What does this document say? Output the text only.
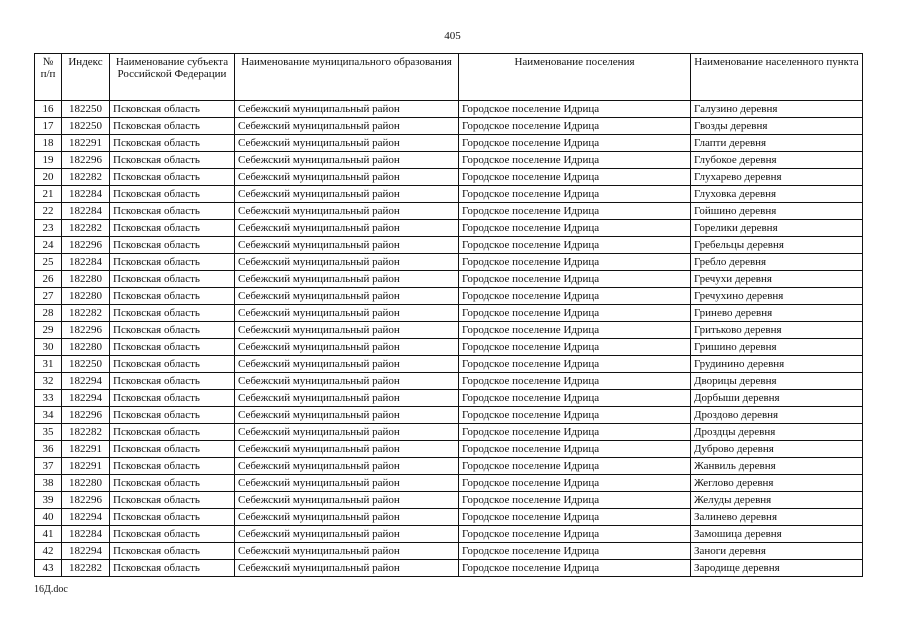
405
№ п/п	Индекс	Наименование субъекта Российской Федерации	Наименование муниципального образования	Наименование поселения	Наименование населенного пункта
16	182250	Псковская область	Себежский муниципальный район	Городское поселение Идрица	Галузино деревня
17	182250	Псковская область	Себежский муниципальный район	Городское поселение Идрица	Гвозды деревня
18	182291	Псковская область	Себежский муниципальный район	Городское поселение Идрица	Глапти деревня
19	182296	Псковская область	Себежский муниципальный район	Городское поселение Идрица	Глубокое деревня
20	182282	Псковская область	Себежский муниципальный район	Городское поселение Идрица	Глухарево деревня
21	182284	Псковская область	Себежский муниципальный район	Городское поселение Идрица	Глуховка деревня
22	182284	Псковская область	Себежский муниципальный район	Городское поселение Идрица	Гойшино деревня
23	182282	Псковская область	Себежский муниципальный район	Городское поселение Идрица	Горелики деревня
24	182296	Псковская область	Себежский муниципальный район	Городское поселение Идрица	Гребельцы деревня
25	182284	Псковская область	Себежский муниципальный район	Городское поселение Идрица	Гребло деревня
26	182280	Псковская область	Себежский муниципальный район	Городское поселение Идрица	Гречухи деревня
27	182280	Псковская область	Себежский муниципальный район	Городское поселение Идрица	Гречухино деревня
28	182282	Псковская область	Себежский муниципальный район	Городское поселение Идрица	Гринево деревня
29	182296	Псковская область	Себежский муниципальный район	Городское поселение Идрица	Гритьково деревня
30	182280	Псковская область	Себежский муниципальный район	Городское поселение Идрица	Гришино деревня
31	182250	Псковская область	Себежский муниципальный район	Городское поселение Идрица	Грудинино деревня
32	182294	Псковская область	Себежский муниципальный район	Городское поселение Идрица	Дворицы деревня
33	182294	Псковская область	Себежский муниципальный район	Городское поселение Идрица	Дорбыши деревня
34	182296	Псковская область	Себежский муниципальный район	Городское поселение Идрица	Дроздово деревня
35	182282	Псковская область	Себежский муниципальный район	Городское поселение Идрица	Дроздцы деревня
36	182291	Псковская область	Себежский муниципальный район	Городское поселение Идрица	Дуброво деревня
37	182291	Псковская область	Себежский муниципальный район	Городское поселение Идрица	Жанвиль деревня
38	182280	Псковская область	Себежский муниципальный район	Городское поселение Идрица	Жеглово деревня
39	182296	Псковская область	Себежский муниципальный район	Городское поселение Идрица	Желуды деревня
40	182294	Псковская область	Себежский муниципальный район	Городское поселение Идрица	Залинево деревня
41	182284	Псковская область	Себежский муниципальный район	Городское поселение Идрица	Замошица деревня
42	182294	Псковская область	Себежский муниципальный район	Городское поселение Идрица	Заноги деревня
43	182282	Псковская область	Себежский муниципальный район	Городское поселение Идрица	Зародище деревня
16Д.doc
